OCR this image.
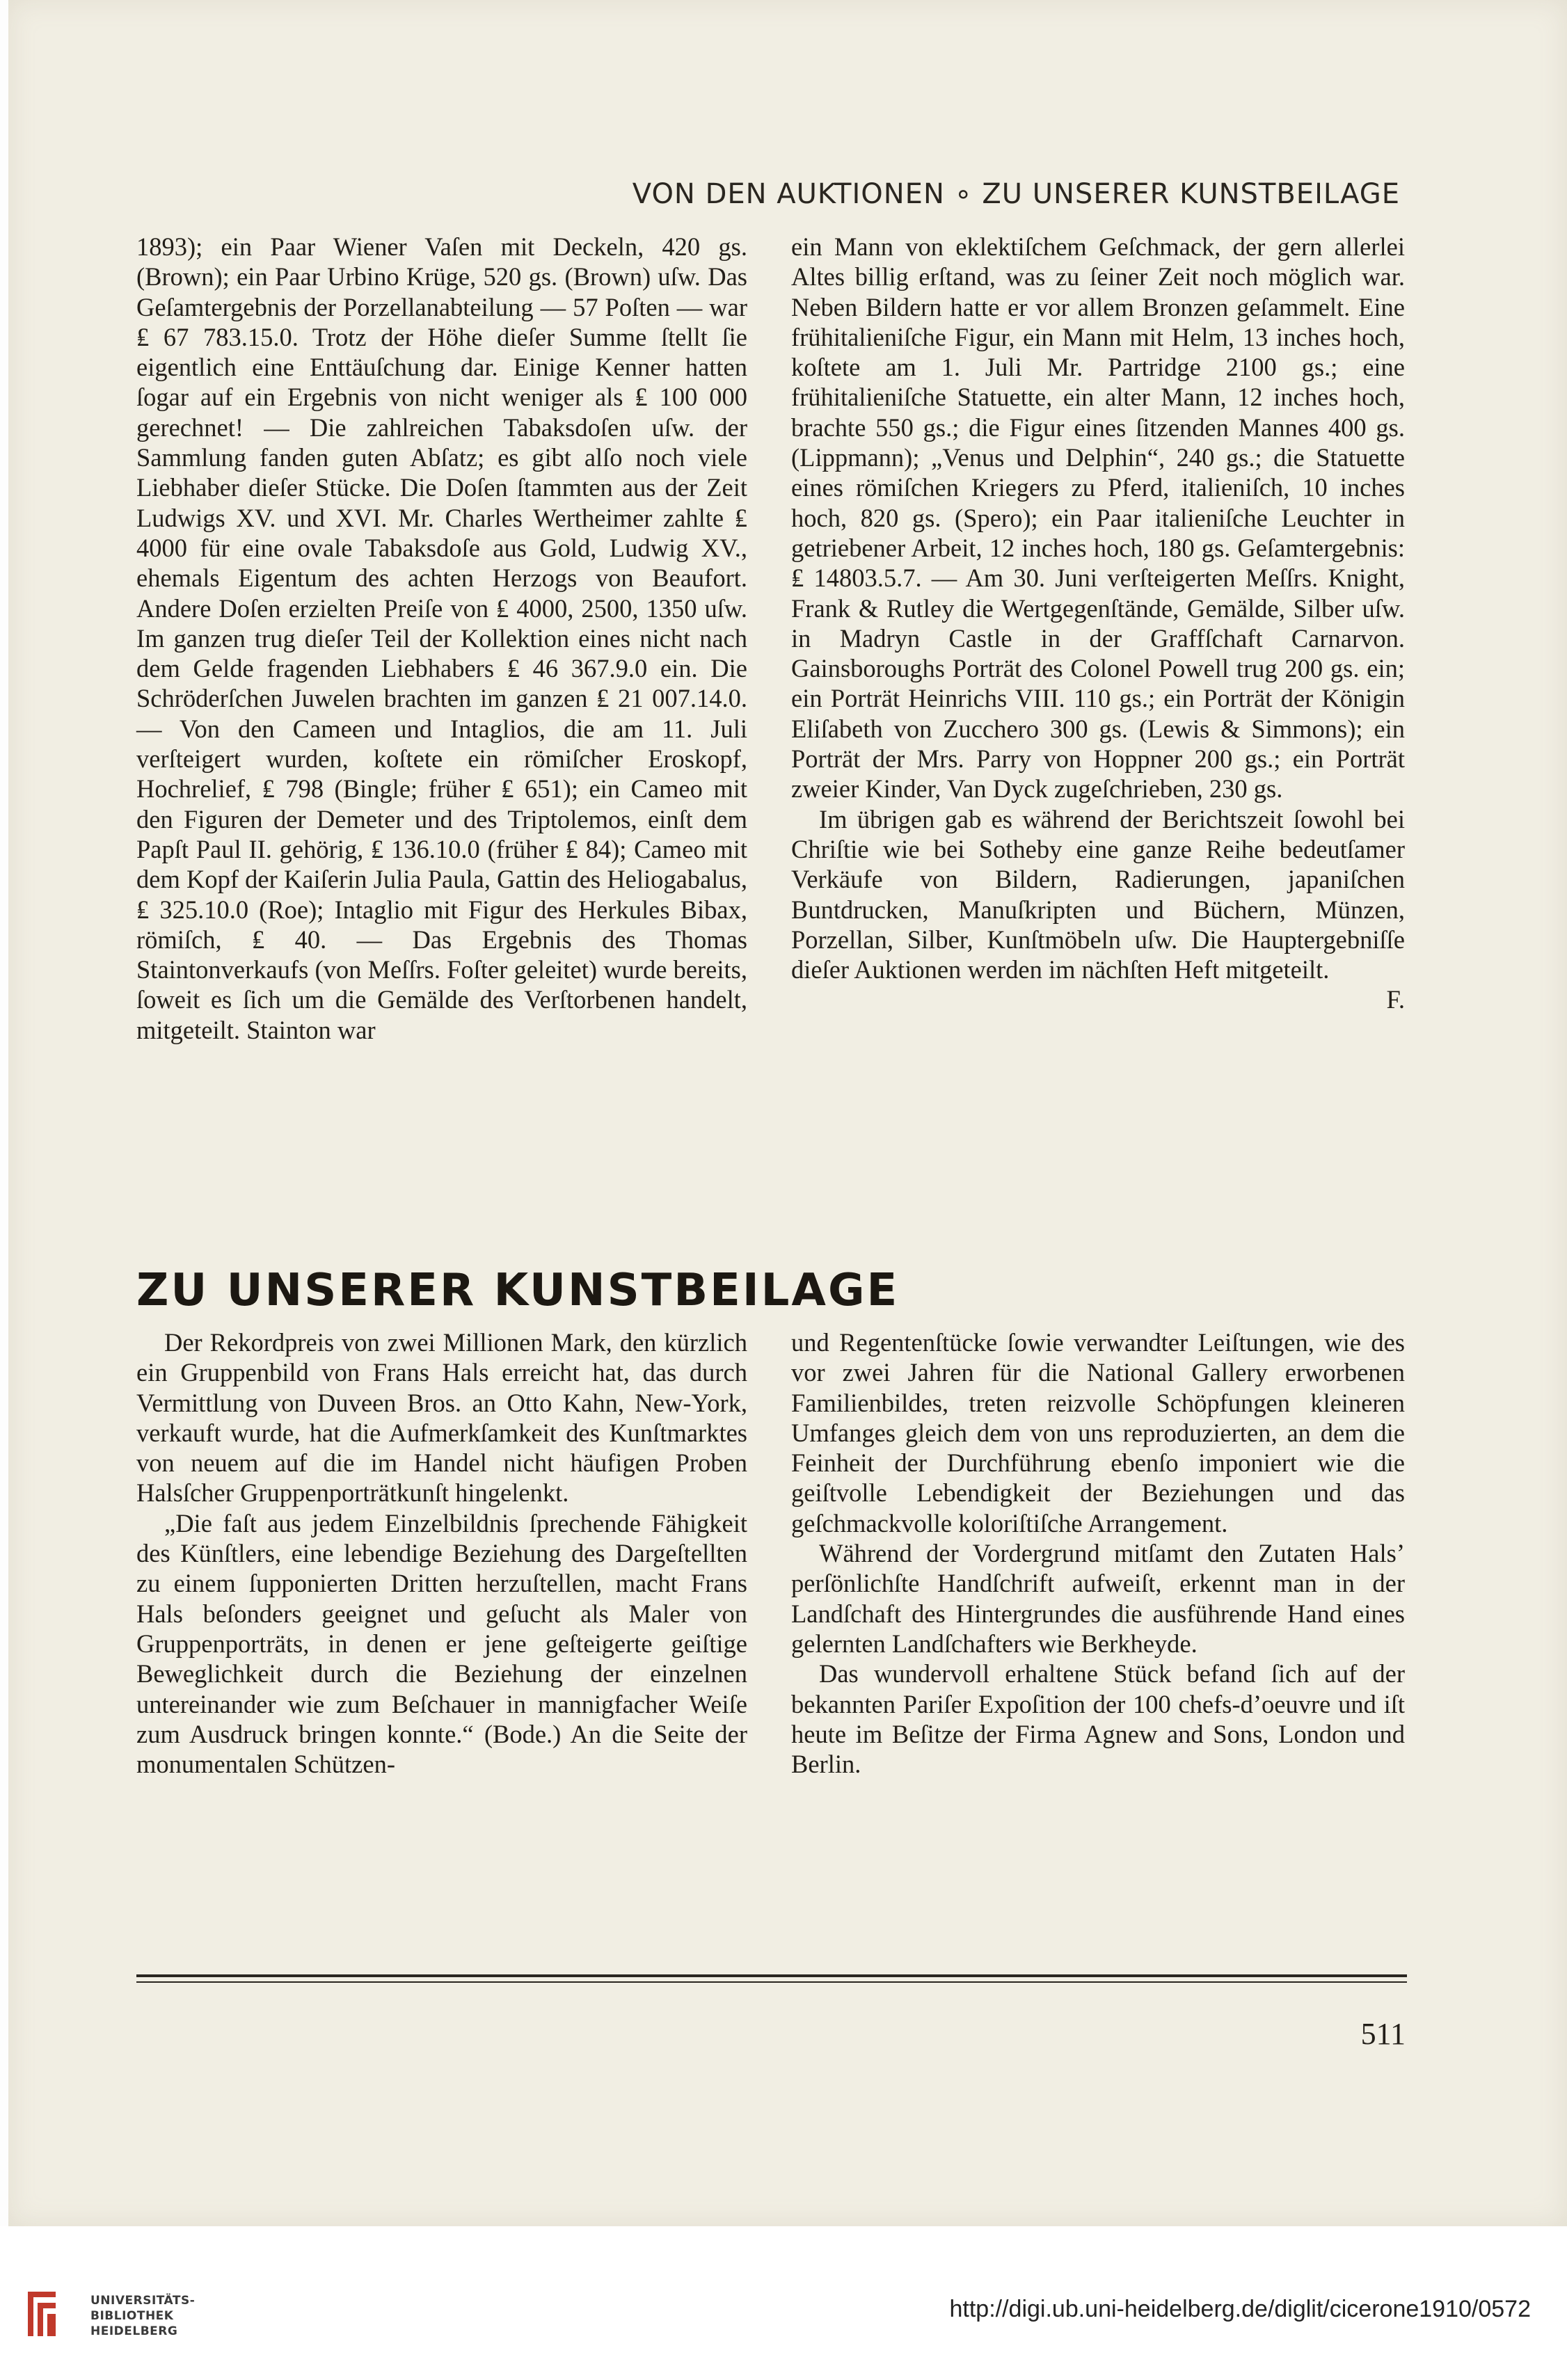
VON DEN AUKTIONEN ∘ ZU UNSERER KUNSTBEILAGE

1893); ein Paar Wiener Vaſen mit Deckeln, 420 gs. (Brown); ein Paar Urbino Krüge, 520 gs. (Brown) uſw. Das Geſamtergebnis der Porzellanabteilung — 57 Poſten — war ₤ 67 783.15.0. Trotz der Höhe dieſer Summe ſtellt ſie eigentlich eine Enttäuſchung dar. Einige Kenner hatten ſogar auf ein Ergebnis von nicht weniger als ₤ 100 000 gerechnet! — Die zahlreichen Tabaksdoſen uſw. der Sammlung fanden guten Abſatz; es gibt alſo noch viele Liebhaber dieſer Stücke. Die Doſen ſtammten aus der Zeit Ludwigs XV. und XVI. Mr. Charles Wertheimer zahlte ₤ 4000 für eine ovale Tabaksdoſe aus Gold, Ludwig XV., ehemals Eigentum des achten Herzogs von Beaufort. Andere Doſen erzielten Preiſe von ₤ 4000, 2500, 1350 uſw. Im ganzen trug dieſer Teil der Kollektion eines nicht nach dem Gelde fragenden Liebhabers ₤ 46 367.9.0 ein. Die Schröderſchen Juwelen brachten im ganzen ₤ 21 007.14.0. — Von den Cameen und Intaglios, die am 11. Juli verſteigert wurden, koſtete ein römiſcher Eroskopf, Hochrelief, ₤ 798 (Bingle; früher ₤ 651); ein Cameo mit den Figuren der Demeter und des Triptolemos, einſt dem Papſt Paul II. gehörig, ₤ 136.10.0 (früher ₤ 84); Cameo mit dem Kopf der Kaiſerin Julia Paula, Gattin des Heliogabalus, ₤ 325.10.0 (Roe); Intaglio mit Figur des Herkules Bibax, römiſch, ₤ 40. — Das Ergebnis des Thomas Staintonverkaufs (von Meſſrs. Foſter geleitet) wurde bereits, ſoweit es ſich um die Gemälde des Verſtorbenen handelt, mitgeteilt. Stainton war

ein Mann von eklektiſchem Geſchmack, der gern allerlei Altes billig erſtand, was zu ſeiner Zeit noch möglich war. Neben Bildern hatte er vor allem Bronzen geſammelt. Eine frühitalieniſche Figur, ein Mann mit Helm, 13 inches hoch, koſtete am 1. Juli Mr. Partridge 2100 gs.; eine frühitalieniſche Statuette, ein alter Mann, 12 inches hoch, brachte 550 gs.; die Figur eines ſitzenden Mannes 400 gs. (Lippmann); „Venus und Delphin“, 240 gs.; die Statuette eines römiſchen Kriegers zu Pferd, italieniſch, 10 inches hoch, 820 gs. (Spero); ein Paar italieniſche Leuchter in getriebener Arbeit, 12 inches hoch, 180 gs. Geſamtergebnis: ₤ 14803.5.7. — Am 30. Juni verſteigerten Meſſrs. Knight, Frank & Rutley die Wertgegenſtände, Gemälde, Silber uſw. in Madryn Castle in der Graffſchaft Carnarvon. Gainsboroughs Porträt des Colonel Powell trug 200 gs. ein; ein Porträt Heinrichs VIII. 110 gs.; ein Porträt der Königin Eliſabeth von Zucchero 300 gs. (Lewis & Simmons); ein Porträt der Mrs. Parry von Hoppner 200 gs.; ein Porträt zweier Kinder, Van Dyck zugeſchrieben, 230 gs.

Im übrigen gab es während der Berichtszeit ſowohl bei Chriſtie wie bei Sotheby eine ganze Reihe bedeutſamer Verkäufe von Bildern, Radierungen, japaniſchen Buntdrucken, Manuſkripten und Büchern, Münzen, Porzellan, Silber, Kunſtmöbeln uſw. Die Hauptergebniſſe dieſer Auktionen werden im nächſten Heft mitgeteilt.

F.

ZU UNSERER KUNSTBEILAGE

Der Rekordpreis von zwei Millionen Mark, den kürzlich ein Gruppenbild von Frans Hals erreicht hat, das durch Vermittlung von Duveen Bros. an Otto Kahn, New-York, verkauft wurde, hat die Aufmerkſamkeit des Kunſtmarktes von neuem auf die im Handel nicht häufigen Proben Halsſcher Gruppenporträtkunſt hingelenkt.

„Die faſt aus jedem Einzelbildnis ſprechende Fähigkeit des Künſtlers, eine lebendige Beziehung des Dargeſtellten zu einem ſupponierten Dritten herzuſtellen, macht Frans Hals beſonders geeignet und geſucht als Maler von Gruppenporträts, in denen er jene geſteigerte geiſtige Beweglichkeit durch die Beziehung der einzelnen untereinander wie zum Beſchauer in mannigfacher Weiſe zum Ausdruck bringen konnte.“ (Bode.) An die Seite der monumentalen Schützen-

und Regentenſtücke ſowie verwandter Leiſtungen, wie des vor zwei Jahren für die National Gallery erworbenen Familienbildes, treten reizvolle Schöpfungen kleineren Umfanges gleich dem von uns reproduzierten, an dem die Feinheit der Durchführung ebenſo imponiert wie die geiſtvolle Lebendigkeit der Beziehungen und das geſchmackvolle koloriſtiſche Arrangement.

Während der Vordergrund mitſamt den Zutaten Hals’ perſönlichſte Handſchrift aufweiſt, erkennt man in der Landſchaft des Hintergrundes die ausführende Hand eines gelernten Landſchafters wie Berkheyde.

Das wundervoll erhaltene Stück befand ſich auf der bekannten Pariſer Expoſition der 100 chefs-d’oeuvre und iſt heute im Beſitze der Firma Agnew and Sons, London und Berlin.

511
UNIVERSITÄTS-
BIBLIOTHEK
HEIDELBERG
http://digi.ub.uni-heidelberg.de/diglit/cicerone1910/0572
